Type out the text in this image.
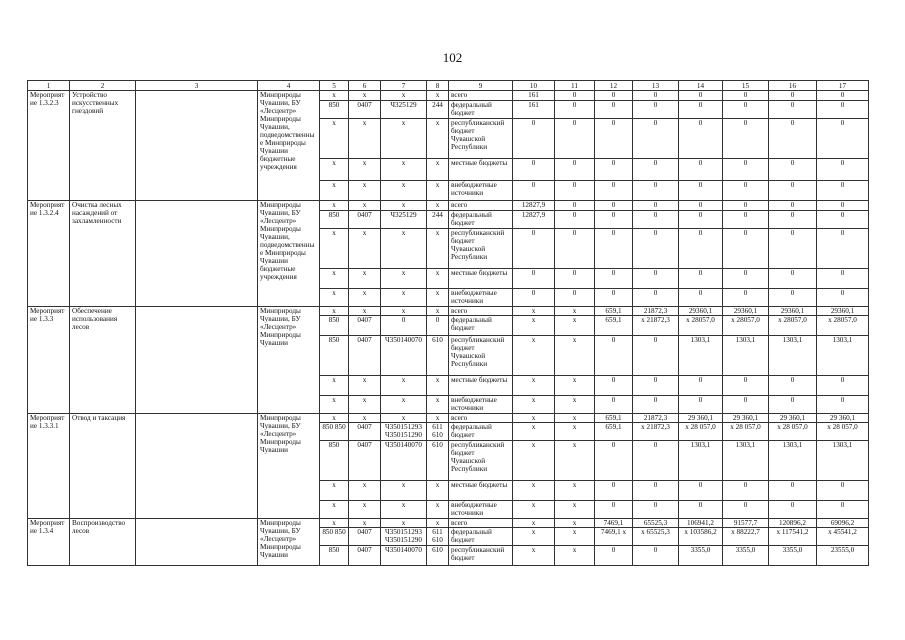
102
1	2	3	4	5	6	7	8	9	10	11	12	13	14	15	16	17
Мероприятие 1.3.2.3	Устройство искусственных гнездовий		Минприроды Чувашии, БУ «Лесцентр» Минприроды Чувашии, подведомственные Минприроды Чувашии бюджетные учреждения	х	х	х	х	всего	161	0	0	0	0	0	0	0
				850	0407	Ч325129	244	федеральный бюджет	161	0	0	0	0	0	0	0
				х	х	х	х	республиканский бюджет Чувашской Республики	0	0	0	0	0	0	0	0
				х	х	х	х	местные бюджеты	0	0	0	0	0	0	0	0
				х	х	х	х	внебюджетные источники	0	0	0	0	0	0	0	0
Мероприятие 1.3.2.4	Очистка лесных насаждений от захламленности		Минприроды Чувашии, БУ «Лесцентр» Минприроды Чувашии, подведомственные Минприроды Чувашии бюджетные учреждения	х	х	х	х	всего	12827,9	0	0	0	0	0	0	0
				850	0407	Ч325129	244	федеральный бюджет	12827,9	0	0	0	0	0	0	0
				х	х	х	х	республиканский бюджет Чувашской Республики	0	0	0	0	0	0	0	0
				х	х	х	х	местные бюджеты	0	0	0	0	0	0	0	0
				х	х	х	х	внебюджетные источники	0	0	0	0	0	0	0	0
Мероприятие 1.3.3	Обеспечение использования лесов		Минприроды Чувашии, БУ «Лесцентр» Минприроды Чувашии	х	х	х	х	всего	х	х	659,1	21872,3	29360,1	29360,1	29360,1	29360,1
				850	0407	0	0	федеральный бюджет	х	х	659,1	х 21872,3	х 28057,0	х 28057,0	х 28057,0	х 28057,0
				850	0407	Ч350140070	610	республиканский бюджет Чувашской Республики	х	х	0	0	1303,1	1303,1	1303,1	1303,1
				х	х	х	х	местные бюджеты	х	х	0	0	0	0	0	0
				х	х	х	х	внебюджетные источники	х	х	0	0	0	0	0	0
Мероприятие 1.3.3.1	Отвод и таксация		Минприроды Чувашии, БУ «Лесцентр» Минприроды Чувашии	х	х	х	х	всего	х	х	659,1	21872,3	29 360,1	29 360,1	29 360,1	29 360,1
				850 850	0407	Ч350151293 Ч350151290	611 610	федеральный бюджет	х	х	659,1	х 21872,3	х 28 057,0	х 28 057,0	х 28 057,0	х 28 057,0
				850	0407	Ч350140070	610	республиканский бюджет Чувашской Республики	х	х	0	0	1303,1	1303,1	1303,1	1303,1
				х	х	х	х	местные бюджеты	х	х	0	0	0	0	0	0
				х	х	х	х	внебюджетные источники	х	х	0	0	0	0	0	0
Мероприятие 1.3.4	Воспроизводство лесов		Минприроды Чувашии, БУ «Лесцентр» Минприроды Чувашии	х	х	х	х	всего	х	х	7469,1	65525,3	106941,2	91577,7	120896,2	69096,2
				850 850	0407	Ч350151293 Ч350151290	611 610	федеральный бюджет	х	х	7469,1 х	х 65525,3	х 103586,2	х 88222,7	х 117541,2	х 45541,2
				850	0407	Ч350140070	610	республиканский бюджет	х	х	0	0	3355,0	3355,0	3355,0	23555,0
